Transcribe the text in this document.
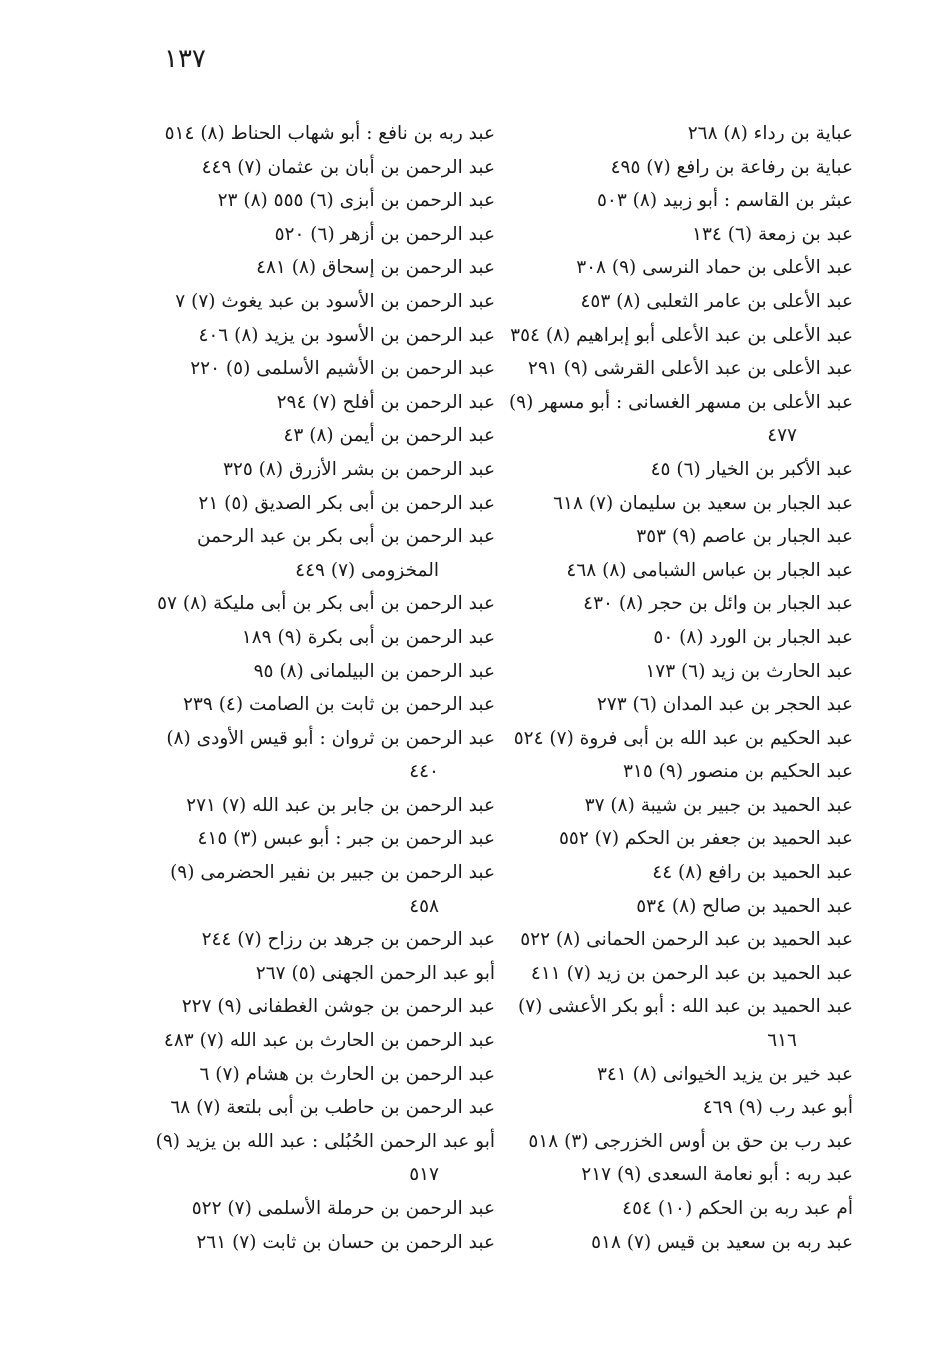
١٣٧
عباية بن رداء (٨) ٢٦٨
عباية بن رفاعة بن رافع (٧) ٤٩٥
عبثر بن القاسم : أبو زبيد (٨) ٥٠٣
عبد بن زمعة (٦) ١٣٤
عبد الأعلى بن حماد النرسى (٩) ٣٠٨
عبد الأعلى بن عامر الثعلبى (٨) ٤٥٣
عبد الأعلى بن عبد الأعلى أبو إبراهيم (٨) ٣٥٤
عبد الأعلى بن عبد الأعلى القرشى (٩) ٢٩١
عبد الأعلى بن مسهر الغسانى : أبو مسهر (٩)
٤٧٧
عبد الأكبر بن الخيار (٦) ٤٥
عبد الجبار بن سعيد بن سليمان (٧) ٦١٨
عبد الجبار بن عاصم (٩) ٣٥٣
عبد الجبار بن عباس الشبامى (٨) ٤٦٨
عبد الجبار بن وائل بن حجر (٨) ٤٣٠
عبد الجبار بن الورد (٨) ٥٠
عبد الحارث بن زيد (٦) ١٧٣
عبد الحجر بن عبد المدان (٦) ٢٧٣
عبد الحكيم بن عبد الله بن أبى فروة (٧) ٥٢٤
عبد الحكيم بن منصور (٩) ٣١٥
عبد الحميد بن جبير بن شيبة (٨) ٣٧
عبد الحميد بن جعفر بن الحكم (٧) ٥٥٢
عبد الحميد بن رافع (٨) ٤٤
عبد الحميد بن صالح (٨) ٥٣٤
عبد الحميد بن عبد الرحمن الحمانى (٨) ٥٢٢
عبد الحميد بن عبد الرحمن بن زيد (٧) ٤١١
عبد الحميد بن عبد الله : أبو بكر الأعشى (٧)
٦١٦
عبد خير بن يزيد الخيوانى (٨) ٣٤١
أبو عبد رب (٩) ٤٦٩
عبد رب بن حق بن أوس الخزرجى (٣) ٥١٨
عبد ربه : أبو نعامة السعدى (٩) ٢١٧
أم عبد ربه بن الحكم (١٠) ٤٥٤
عبد ربه بن سعيد بن قيس (٧) ٥١٨
عبد ربه بن نافع : أبو شهاب الحناط (٨) ٥١٤
عبد الرحمن بن أبان بن عثمان (٧) ٤٤٩
عبد الرحمن بن أبزى (٦) ٥٥٥ (٨) ٢٣
عبد الرحمن بن أزهر (٦) ٥٢٠
عبد الرحمن بن إسحاق (٨) ٤٨١
عبد الرحمن بن الأسود بن عبد يغوث (٧) ٧
عبد الرحمن بن الأسود بن يزيد (٨) ٤٠٦
عبد الرحمن بن الأشيم الأسلمى (٥) ٢٢٠
عبد الرحمن بن أفلح (٧) ٢٩٤
عبد الرحمن بن أيمن (٨) ٤٣
عبد الرحمن بن بشر الأزرق (٨) ٣٢٥
عبد الرحمن بن أبى بكر الصديق (٥) ٢١
عبد الرحمن بن أبى بكر بن عبد الرحمن
المخزومى (٧) ٤٤٩
عبد الرحمن بن أبى بكر بن أبى مليكة (٨) ٥٧
عبد الرحمن بن أبى بكرة (٩) ١٨٩
عبد الرحمن بن البيلمانى (٨) ٩٥
عبد الرحمن بن ثابت بن الصامت (٤) ٢٣٩
عبد الرحمن بن ثروان : أبو قيس الأودى (٨)
٤٤٠
عبد الرحمن بن جابر بن عبد الله (٧) ٢٧١
عبد الرحمن بن جبر : أبو عبس (٣) ٤١٥
عبد الرحمن بن جبير بن نفير الحضرمى (٩)
٤٥٨
عبد الرحمن بن جرهد بن رزاح (٧) ٢٤٤
أبو عبد الرحمن الجهنى (٥) ٢٦٧
عبد الرحمن بن جوشن الغطفانى (٩) ٢٢٧
عبد الرحمن بن الحارث بن عبد الله (٧) ٤٨٣
عبد الرحمن بن الحارث بن هشام (٧) ٦
عبد الرحمن بن حاطب بن أبى بلتعة (٧) ٦٨
أبو عبد الرحمن الحُبُلى : عبد الله بن يزيد (٩)
٥١٧
عبد الرحمن بن حرملة الأسلمى (٧) ٥٢٢
عبد الرحمن بن حسان بن ثابت (٧) ٢٦١
